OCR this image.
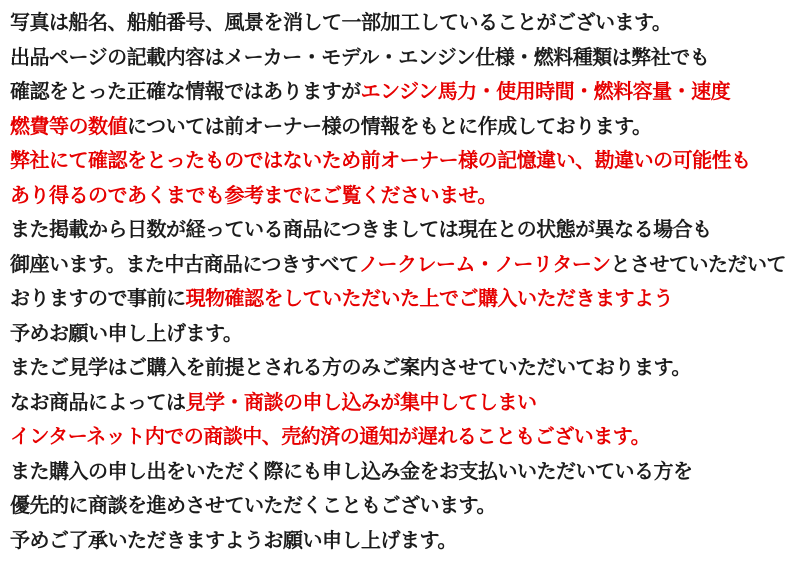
写真は船名、船舶番号、風景を消して一部加工していることがございます。
出品ページの記載内容はメーカー・モデル・エンジン仕様・燃料種類は弊社でも
確認をとった正確な情報ではありますがエンジン馬力・使用時間・燃料容量・速度
燃費等の数値については前オーナー様の情報をもとに作成しております。
弊社にて確認をとったものではないため前オーナー様の記憶違い、勘違いの可能性も
あり得るのであくまでも参考までにご覧くださいませ。
また掲載から日数が経っている商品につきましては現在との状態が異なる場合も
御座います。また中古商品につきすべてノークレーム・ノーリターンとさせていただいて
おりますので事前に現物確認をしていただいた上でご購入いただきますよう
予めお願い申し上げます。
またご見学はご購入を前提とされる方のみご案内させていただいております。
なお商品によっては見学・商談の申し込みが集中してしまい
インターネット内での商談中、売約済の通知が遅れることもございます。
また購入の申し出をいただく際にも申し込み金をお支払いいただいている方を
優先的に商談を進めさせていただくこともございます。
予めご了承いただきますようお願い申し上げます。
